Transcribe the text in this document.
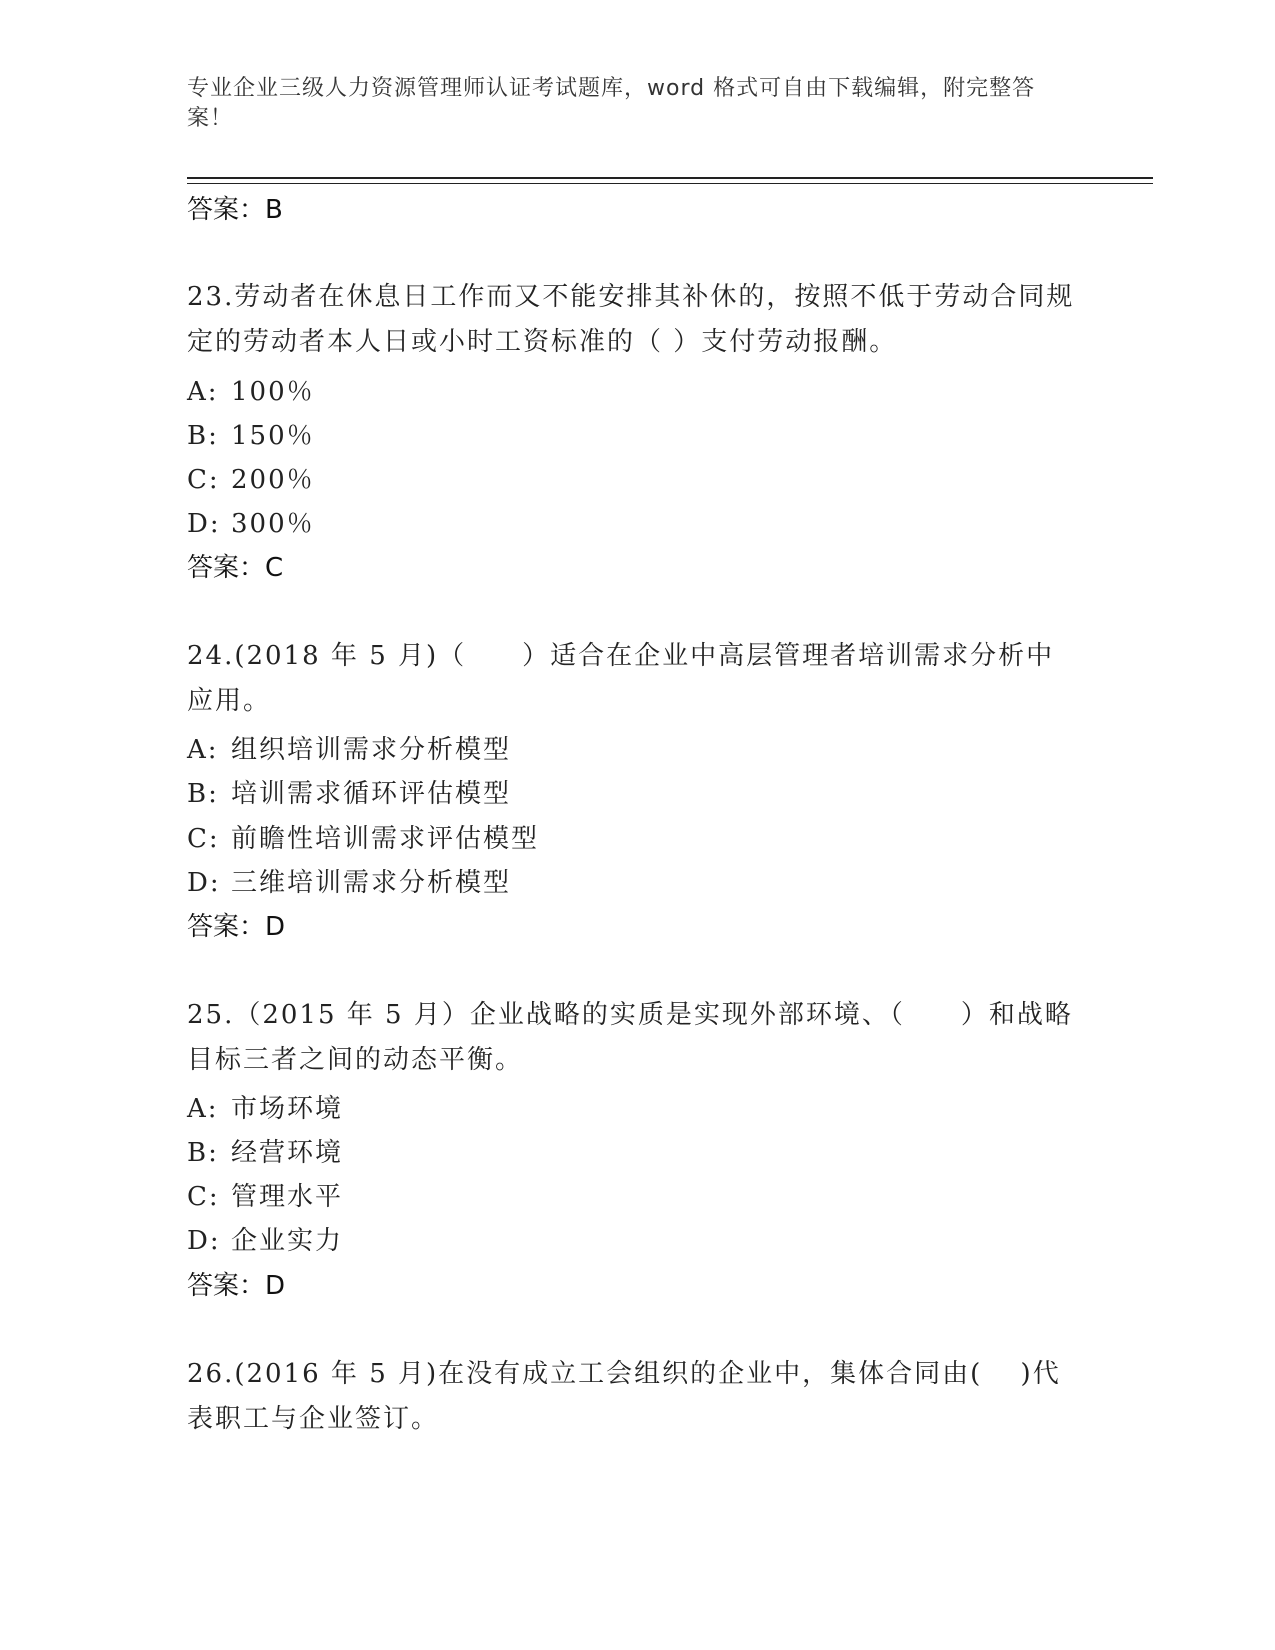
专业企业三级人力资源管理师认证考试题库，word 格式可自由下载编辑，附完整答案！
答案：B
23.劳动者在休息日工作而又不能安排其补休的，按照不低于劳动合同规定的劳动者本人日或小时工资标准的（ ）支付劳动报酬。
A: 100％
B: 150％
C: 200％
D: 300％
答案：C
24.(2018 年 5 月)（　　）适合在企业中高层管理者培训需求分析中应用。
A: 组织培训需求分析模型
B: 培训需求循环评估模型
C: 前瞻性培训需求评估模型
D: 三维培训需求分析模型
答案：D
25.（2015 年 5 月）企业战略的实质是实现外部环境、（　　）和战略目标三者之间的动态平衡。
A: 市场环境
B: 经营环境
C: 管理水平
D: 企业实力
答案：D
26.(2016 年 5 月)在没有成立工会组织的企业中，集体合同由(　 )代表职工与企业签订。
